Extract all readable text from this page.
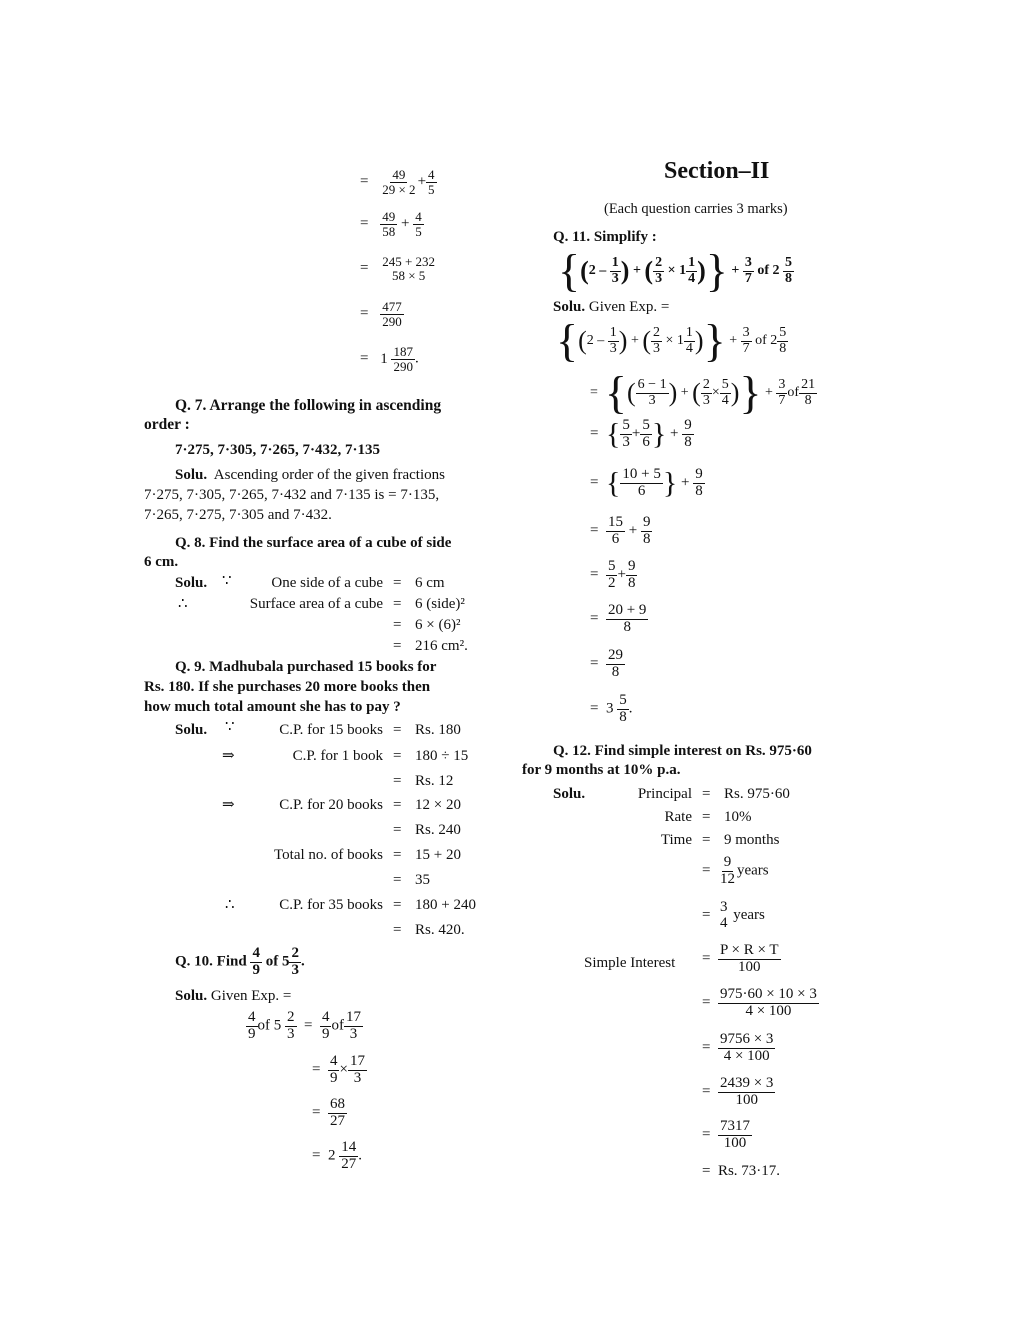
= $\frac{49}{29 \times 2} + \frac{4}{5}$
= $\frac{49}{58} + \frac{4}{5}$
= 245 + 232
58 × 5
= $\frac{477}{290}$
= $1 \frac{187}{290}$ .
Q. 7. Arrange the following in ascending
order :
7·275, 7·305, 7·265, 7·432, 7·135
Solu. Ascending order of the given fractions
7·275, 7·305, 7·265, 7·432 and 7·135 is = 7·135,
7·265, 7·275, 7·305 and 7·432.
Q. 8. Find the surface area of a cube of side
6 cm.
Solu. ∵	One side of a cube = 6 cm
∴	Surface area of a cube = 6 (side)²
= 6 × (6)²
= 216 cm².
Q. 9. Madhubala purchased 15 books for
Rs. 180. If she purchases 20 more books then
how much total amount she has to pay ?
Solu. ∵	C.P. for 15 books = Rs. 180
⇒	C.P. for 1 book = 180 ÷ 15
= Rs. 12
⇒	C.P. for 20 books = 12 × 20
= Rs. 240
Total no. of books = 15 + 20
= 35
∴	C.P. for 35 books = 180 + 240
= Rs. 420.
Q. 10. Find $\frac{4}{9}$ of $5 \frac{2}{3}$ .
Solu. Given Exp. =
$\frac{4}{9}$ of $5 \frac{2}{3} = \frac{4}{9}$ of $\frac{17}{3}$
= $\frac{4}{9} \times \frac{17}{3}$
= $\frac{68}{27}$
= $2 \frac{14}{27}$ .
Section–II
(Each question carries 3 marks)
Q. 11. Simplify :
{($2 - \frac{1}{3}$ ) + ( $\frac{2}{3} \times 1 \frac{1}{4}$ )} + $\frac{3}{7}$ of $2 \frac{5}{8}$
Solu. Given Exp. =
{($2 - \frac{1}{3}$ ) + ( $\frac{2}{3} \times 1 \frac{1}{4}$ )} + $\frac{3}{7}$ of $2 \frac{5}{8}$
= {( $\frac{6 - 1}{3}$ ) + ( $\frac{2}{3} \times \frac{5}{4}$ )} + $\frac{3}{7}$ of $\frac{21}{8}$
= { $\frac{5}{3} + \frac{5}{6}$ } + $\frac{9}{8}$
= { $\frac{10 + 5}{6}$ } + $\frac{9}{8}$
= $\frac{15}{6} + \frac{9}{8}$
= $\frac{5}{2} + \frac{9}{8}$
= $\frac{20 + 9}{8}$
= $\frac{29}{8}$
= $3 \frac{5}{8}$ .
Q. 12. Find simple interest on Rs. 975·60
for 9 months at 10% p.a.
Solu.	Principal = Rs. 975·60
Rate = 10%
Time = 9 months
= $\frac{9}{12}$ years
=
3
4 years
Simple Interest = $\frac{P \times R \times T}{100}$
= $\frac{975\cdot 60 \times 10 \times 3}{4 \times 100}$
= $\frac{9756 \times 3}{4 \times 100}$
= $\frac{2439 \times 3}{100}$
= $\frac{7317}{100}$
= Rs. 73·17.
